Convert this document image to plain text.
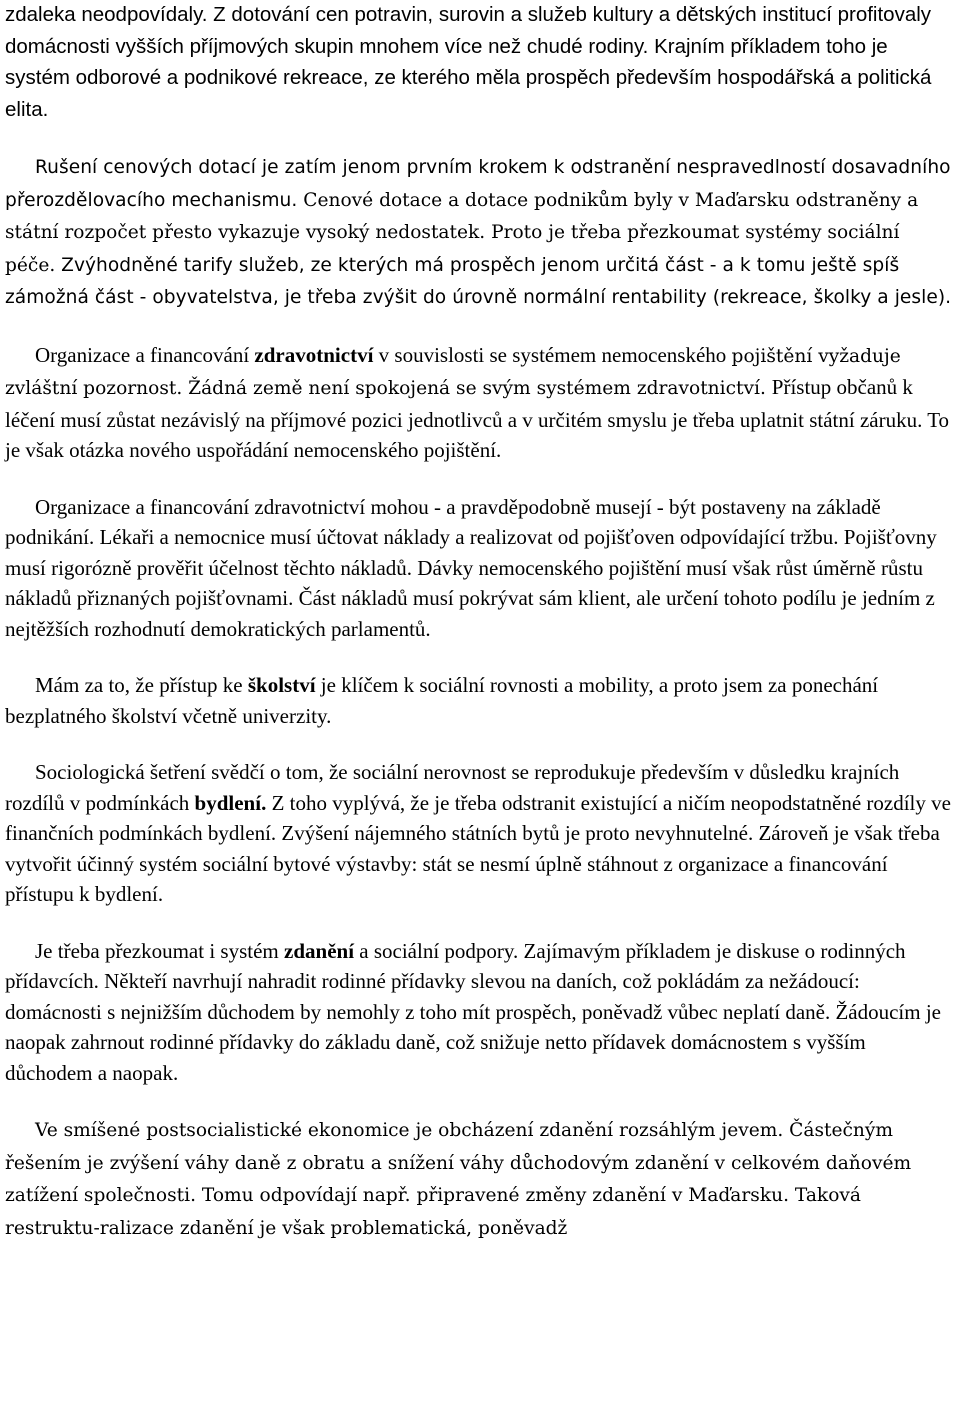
zdaleka neodpovídaly. Z dotování cen potravin, surovin a služeb kultury a dětských institucí profitovaly domácnosti vyšších příjmových skupin mnohem více než chudé rodiny. Krajním příkladem toho je systém odborové a podnikové rekreace, ze kterého měla prospěch především hospodářská a politická elita.

Rušení cenových dotací je zatím jenom prvním krokem k odstranění nespravedlností dosavadního přerozdělovacího mechanismu. Cenové dotace a dotace podnikům byly v Maďarsku odstraněny a státní rozpočet přesto vykazuje vysoký nedostatek. Proto je třeba přezkoumat systémy sociální péče. Zvýhodněné tarify služeb, ze kterých má prospěch jenom určitá část - a k tomu ještě spíš zámožná část - obyvatelstva, je třeba zvýšit do úrovně normální rentability (rekreace, školky a jesle).

Organizace a financování zdravotnictví v souvislosti se systémem nemocenského pojištění vyžaduje zvláštní pozornost. Žádná země není spokojená se svým systémem zdravotnictví. Přístup občanů k léčení musí zůstat nezávislý na příjmové pozici jednotlivců a v určitém smyslu je třeba uplatnit státní záruku. To je však otázka nového uspořádání nemocenského pojištění.

Organizace a financování zdravotnictví mohou - a pravděpodobně musejí - být postaveny na základě podnikání. Lékaři a nemocnice musí účtovat náklady a realizovat od pojišťoven odpovídající tržbu. Pojišťovny musí rigorózně prověřit účelnost těchto nákladů. Dávky nemocenského pojištění musí však růst úměrně růstu nákladů přiznaných pojišťovnami. Část nákladů musí pokrývat sám klient, ale určení tohoto podílu je jedním z nejtěžších rozhodnutí demokratických parlamentů.

Mám za to, že přístup ke školství je klíčem k sociální rovnosti a mobility, a proto jsem za ponechání bezplatného školství včetně univerzity.

Sociologická šetření svědčí o tom, že sociální nerovnost se reprodukuje především v důsledku krajních rozdílů v podmínkách bydlení. Z toho vyplývá, že je třeba odstranit existující a ničím neopodstatněné rozdíly ve finančních podmínkách bydlení. Zvýšení nájemného státních bytů je proto nevyhnutelné. Zároveň je však třeba vytvořit účinný systém sociální bytové výstavby: stát se nesmí úplně stáhnout z organizace a financování přístupu k bydlení.

Je třeba přezkoumat i systém zdanění a sociální podpory. Zajímavým příkladem je diskuse o rodinných přídavcích. Někteří navrhují nahradit rodinné přídavky slevou na daních, což pokládám za nežádoucí: domácnosti s nejnižším důchodem by nemohly z toho mít prospěch, poněvadž vůbec neplatí daně. Žádoucím je naopak zahrnout rodinné přídavky do základu daně, což snižuje netto přídavek domácnostem s vyšším důchodem a naopak.

Ve smíšené postsocialistické ekonomice je obcházení zdanění rozsáhlým jevem. Částečným řešením je zvýšení váhy daně z obratu a snížení váhy důchodovým zdanění v celkovém daňovém zatížení společnosti. Tomu odpovídají např. připravené změny zdanění v Maďarsku. Taková restruktu-ralizace zdanění je však problematická, poněvadž
